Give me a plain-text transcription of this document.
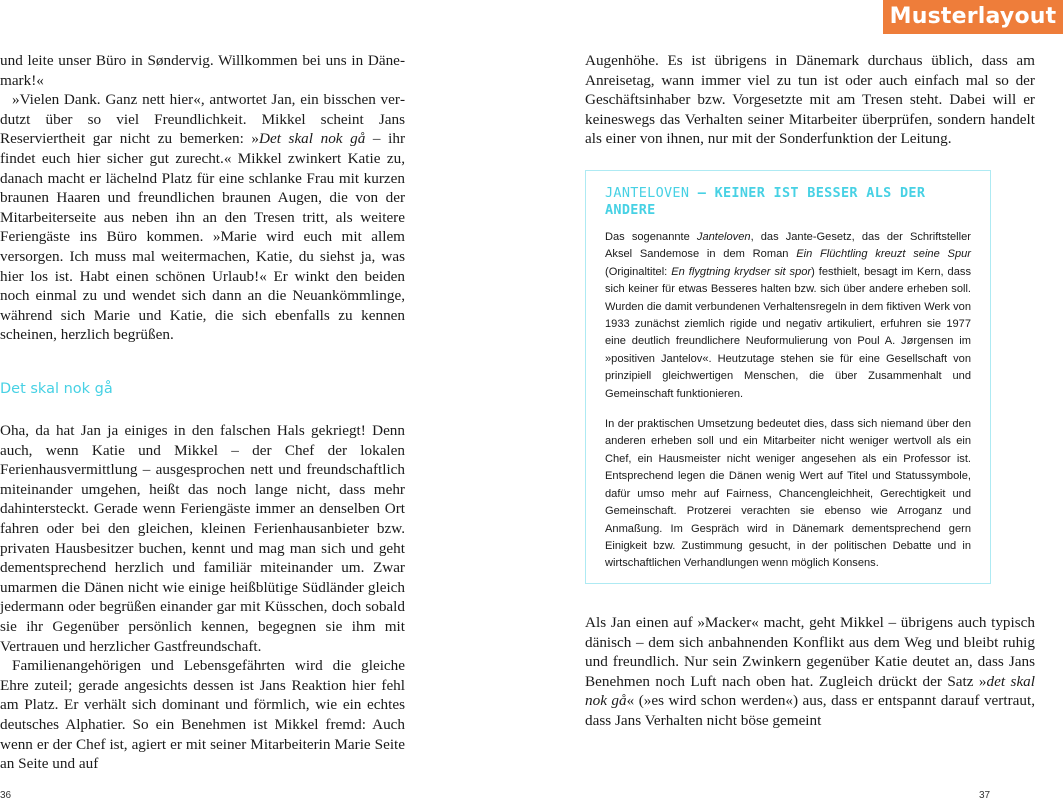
Musterlayout

und leite unser Büro in Søndervig. Willkommen bei uns in Dänemark!«

»Vielen Dank. Ganz nett hier«, antwortet Jan, ein bisschen verdutzt über so viel Freundlichkeit. Mikkel scheint Jans Reserviertheit gar nicht zu bemerken: »Det skal nok gå – ihr findet euch hier sicher gut zurecht.« Mikkel zwinkert Katie zu, danach macht er lächelnd Platz für eine schlanke Frau mit kurzen braunen Haaren und freundlichen braunen Augen, die von der Mitarbeiterseite aus neben ihn an den Tresen tritt, als weitere Feriengäste ins Büro kommen. »Marie wird euch mit allem versorgen. Ich muss mal weitermachen, Katie, du siehst ja, was hier los ist. Habt einen schönen Urlaub!« Er winkt den beiden noch einmal zu und wendet sich dann an die Neuankömmlinge, während sich Marie und Katie, die sich ebenfalls zu kennen scheinen, herzlich begrüßen.

Det skal nok gå

Oha, da hat Jan ja einiges in den falschen Hals gekriegt! Denn auch, wenn Katie und Mikkel – der Chef der lokalen Ferienhausvermittlung – ausgesprochen nett und freundschaftlich miteinander umgehen, heißt das noch lange nicht, dass mehr dahintersteckt. Gerade wenn Feriengäste immer an denselben Ort fahren oder bei den gleichen, kleinen Ferienhausanbieter bzw. privaten Hausbesitzer buchen, kennt und mag man sich und geht dementsprechend herzlich und familiär miteinander um. Zwar umarmen die Dänen nicht wie einige heißblütige Südländer gleich jedermann oder begrüßen einander gar mit Küsschen, doch sobald sie ihr Gegenüber persönlich kennen, begegnen sie ihm mit Vertrauen und herzlicher Gastfreundschaft.

Familienangehörigen und Lebensgefährten wird die gleiche Ehre zuteil; gerade angesichts dessen ist Jans Reaktion hier fehl am Platz. Er verhält sich dominant und förmlich, wie ein echtes deutsches Alphatier. So ein Benehmen ist Mikkel fremd: Auch wenn er der Chef ist, agiert er mit seiner Mitarbeiterin Marie Seite an Seite und auf

36

Augenhöhe. Es ist übrigens in Dänemark durchaus üblich, dass am Anreisetag, wann immer viel zu tun ist oder auch einfach mal so der Geschäftsinhaber bzw. Vorgesetzte mit am Tresen steht. Dabei will er keineswegs das Verhalten seiner Mitarbeiter überprüfen, sondern handelt als einer von ihnen, nur mit der Sonderfunktion der Leitung.

JANTELOVEN – KEINER IST BESSER ALS DER ANDERE

Das sogenannte Janteloven, das Jante-Gesetz, das der Schriftsteller Aksel Sandemose in dem Roman Ein Flüchtling kreuzt seine Spur (Originaltitel: En flygtning krydser sit spor) festhielt, besagt im Kern, dass sich keiner für etwas Besseres halten bzw. sich über andere erheben soll. Wurden die damit verbundenen Verhaltensregeln in dem fiktiven Werk von 1933 zunächst ziemlich rigide und negativ artikuliert, erfuhren sie 1977 eine deutlich freundlichere Neuformulierung von Poul A. Jørgensen im »positiven Jantelov«. Heutzutage stehen sie für eine Gesellschaft von prinzipiell gleichwertigen Menschen, die über Zusammenhalt und Gemeinschaft funktionieren.

In der praktischen Umsetzung bedeutet dies, dass sich niemand über den anderen erheben soll und ein Mitarbeiter nicht weniger wertvoll als ein Chef, ein Hausmeister nicht weniger angesehen als ein Professor ist. Entsprechend legen die Dänen wenig Wert auf Titel und Statussymbole, dafür umso mehr auf Fairness, Chancengleichheit, Gerechtigkeit und Gemeinschaft. Protzerei verachten sie ebenso wie Arroganz und Anmaßung. Im Gespräch wird in Dänemark dementsprechend gern Einigkeit bzw. Zustimmung gesucht, in der politischen Debatte und in wirtschaftlichen Verhandlungen wenn möglich Konsens.

Als Jan einen auf »Macker« macht, geht Mikkel – übrigens auch typisch dänisch – dem sich anbahnenden Konflikt aus dem Weg und bleibt ruhig und freundlich. Nur sein Zwinkern gegenüber Katie deutet an, dass Jans Benehmen noch Luft nach oben hat. Zugleich drückt der Satz »det skal nok gå« (»es wird schon werden«) aus, dass er entspannt darauf vertraut, dass Jans Verhalten nicht böse gemeint

37
